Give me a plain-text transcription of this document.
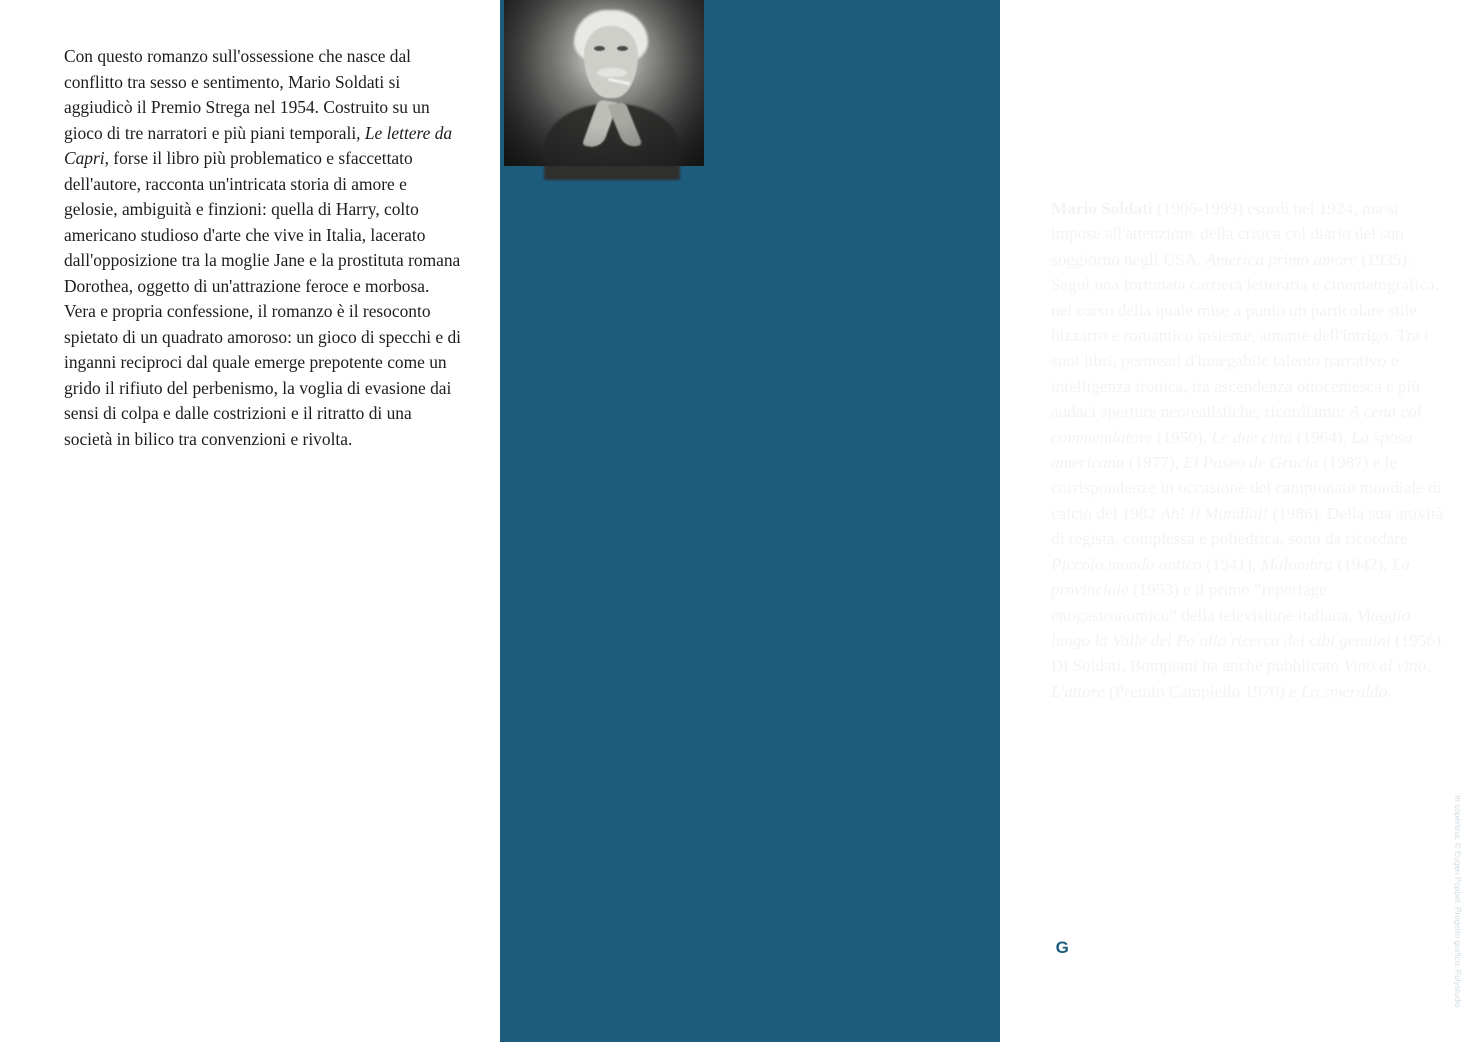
Con questo romanzo sull'ossessione che nasce dal conflitto tra sesso e sentimento, Mario Soldati si aggiudicò il Premio Strega nel 1954. Costruito su un gioco di tre narratori e più piani temporali, Le lettere da Capri, forse il libro più problematico e sfaccettato dell'autore, racconta un'intricata storia di amore e gelosie, ambiguità e finzioni: quella di Harry, colto americano studioso d'arte che vive in Italia, lacerato dall'opposizione tra la moglie Jane e la prostituta romana Dorothea, oggetto di un'attrazione feroce e morbosa. Vera e propria confessione, il romanzo è il resoconto spietato di un quadrato amoroso: un gioco di specchi e di inganni reciproci dal quale emerge prepotente come un grido il rifiuto del perbenismo, la voglia di evasione dai sensi di colpa e dalle costrizioni e il ritratto di una società in bilico tra convenzioni e rivolta.
Mario Soldati (1906-1999) esordì nel 1924, ma si impose all'attenzione della critica col diario del suo soggiorno negli USA, America primo amore (1935). Seguì una fortunata carriera letteraria e cinematografica, nel corso della quale mise a punto un particolare stile bizzarro e romantico insieme, amante dell'intrigo. Tra i suoi libri, permeati d'innegabile talento narrativo e intelligenza ironica, tra ascendenza ottocentesca e più audaci aperture neorealistiche, ricordiamo: A cena col commendatore (1950), Le due città (1964), La sposa americana (1977), El Paseo de Gracia (1987) e le corrispondenze in occasione del campionato mondiale di calcio del 1982 Ah! Il Mundial! (1986). Della sua attività di regista, complessa e poliedrica, sono da ricordare Piccolo mondo antico (1941), Malombra (1942), La provinciale (1953) e il primo “reportage enogastronomico” della televisione italiana, Viaggio lungo la Valle del Po alla ricerca dei cibi genuini (1956). Di Soldati, Bompiani ha anche pubblicato Vino al vino, L'attore (Premio Campiello 1970) e Lo smeraldo.
G Giunti
www.giunti.it
www.bompiani.it	In copertina: © Eugen Poppel. Progetto grafico: Polystudio
